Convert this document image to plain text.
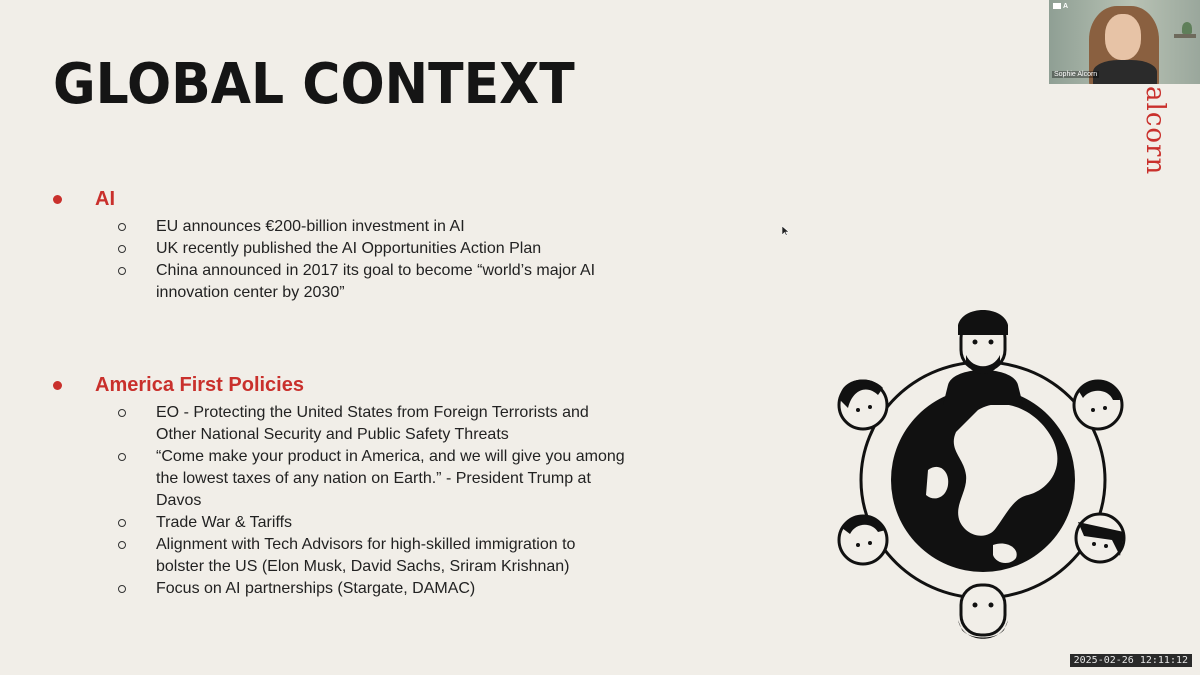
GLOBAL CONTEXT
AI
EU announces €200-billion investment in AI
UK recently published the AI Opportunities Action Plan
China announced in 2017 its goal to become “world’s major AI innovation center by 2030”
America First Policies
EO - Protecting the United States from Foreign Terrorists and Other National Security and Public Safety Threats
“Come make your product in America, and we will give you among the lowest taxes of any nation on Earth.” - President Trump at Davos
Trade War & Tariffs
Alignment with Tech Advisors for high-skilled immigration to bolster the US (Elon Musk, David Sachs, Sriram Krishnan)
Focus on AI partnerships (Stargate, DAMAC)
alcorn
A
Sophie Alcorn
2025-02-26 12:11:12
